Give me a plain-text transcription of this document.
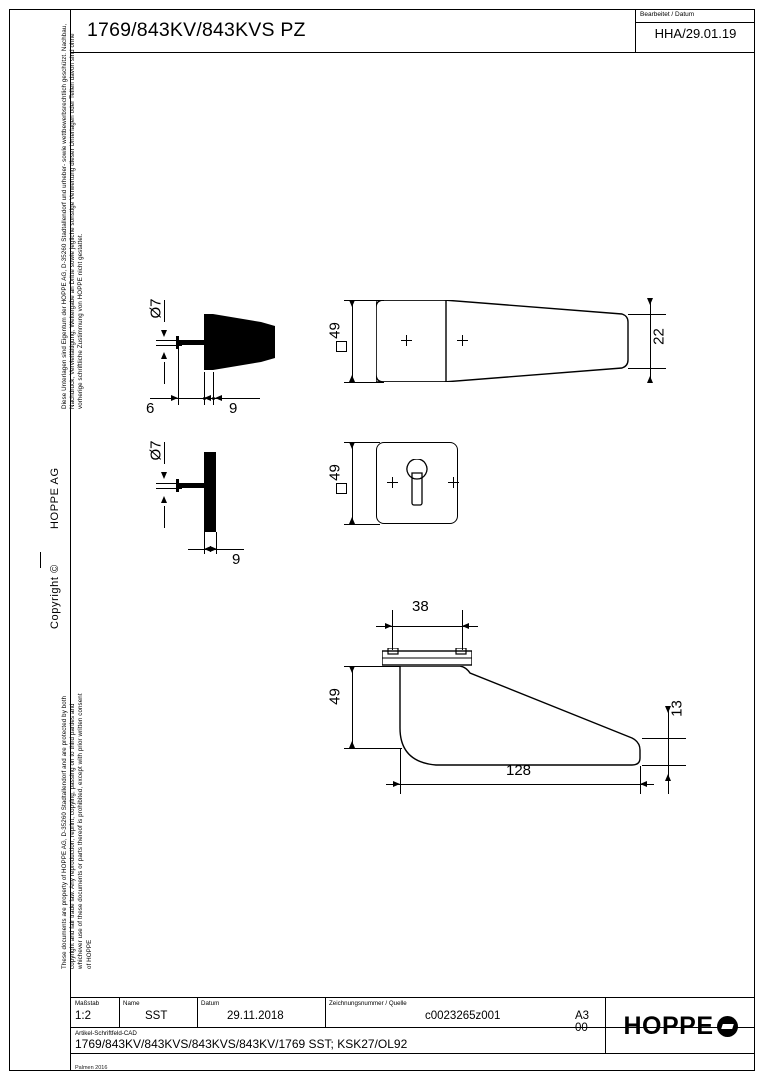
Diese Unterlagen sind Eigentum der HOPPE AG, D-35260 Stadtallendorf und urheber- sowie wettbewerbsrechtlich geschützt. Nachbau, Nachdruck, Vervielfältigung, Weitergabe an Dritte sowie jegliche sonstige Verwertung dieser Unterlagen oder Teilen davon sind ohne vorherige schriftliche Zustimmung von HOPPE nicht gestattet.
HOPPE AG
Copyright ©
These documents are property of HOPPE AG, D-35260 Stadtallendorf and are protected by both copyright and fair trade law. Any reproduction, reprint, copying, passing on to third parties and whichever use of these documents or parts thereof is prohibited, except with prior written consent of HOPPE
1769/843KV/843KVS PZ
Bearbeitet / Datum
HHA/29.01.19
Ø7
6	9
49	22
Ø7
9
49
38
49
128
13
Maßstab
1:2
Name
SST
Datum
29.11.2018
Zeichnungsnummer / Quelle
c0023265z001	A3 00
Artikel-Schriftfeld-CAD
1769/843KV/843KVS/843KVS/843KV/1769 SST; KSK27/OL92
Palmen 2016
HOPPE
